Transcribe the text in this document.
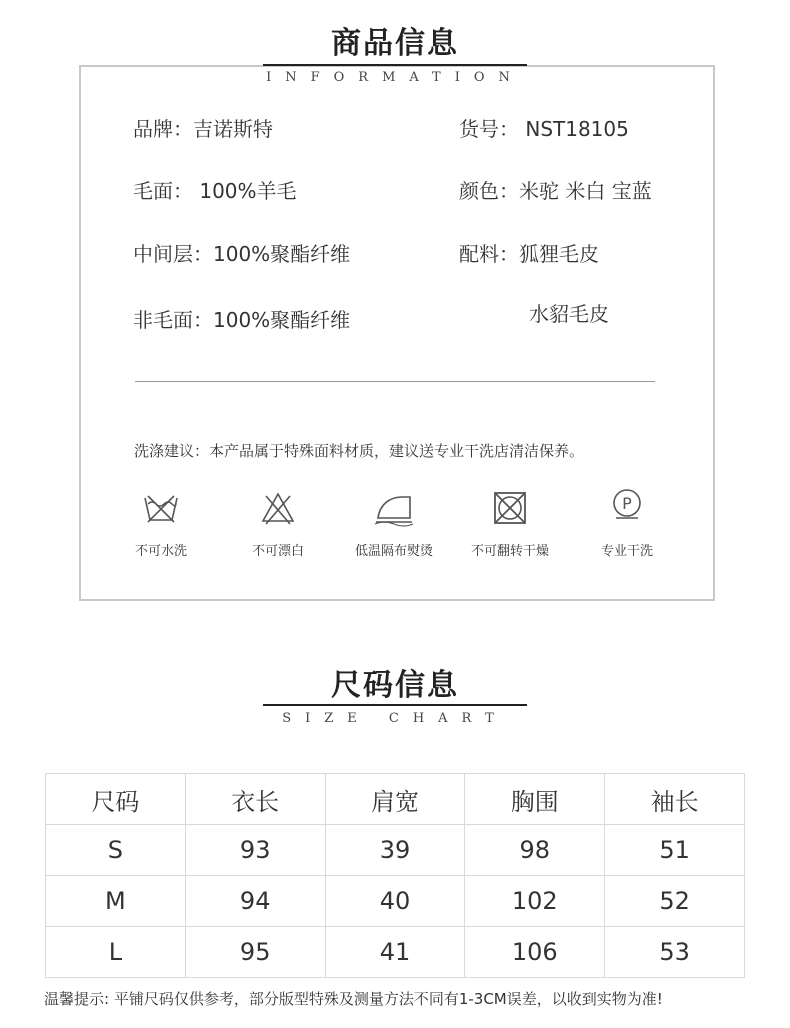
商品信息
INFORMATION
品牌：吉诺斯特	货号： NST18105
毛面： 100%羊毛	颜色：米驼 米白 宝蓝
中间层：100%聚酯纤维	配料：狐狸毛皮
水貂毛皮
非毛面：100%聚酯纤维
洗涤建议：本产品属于特殊面料材质，建议送专业干洗店清洁保养。
不可水洗	不可漂白	低温隔布熨烫	不可翻转干燥
P
专业干洗
尺码信息
SIZE CHART
尺码	衣长	肩宽	胸围	袖长
S	93	39	98	51
M	94	40	102	52
L	95	41	106	53
温馨提示: 平铺尺码仅供参考，部分版型特殊及测量方法不同有1-3CM误差，以收到实物为准!
